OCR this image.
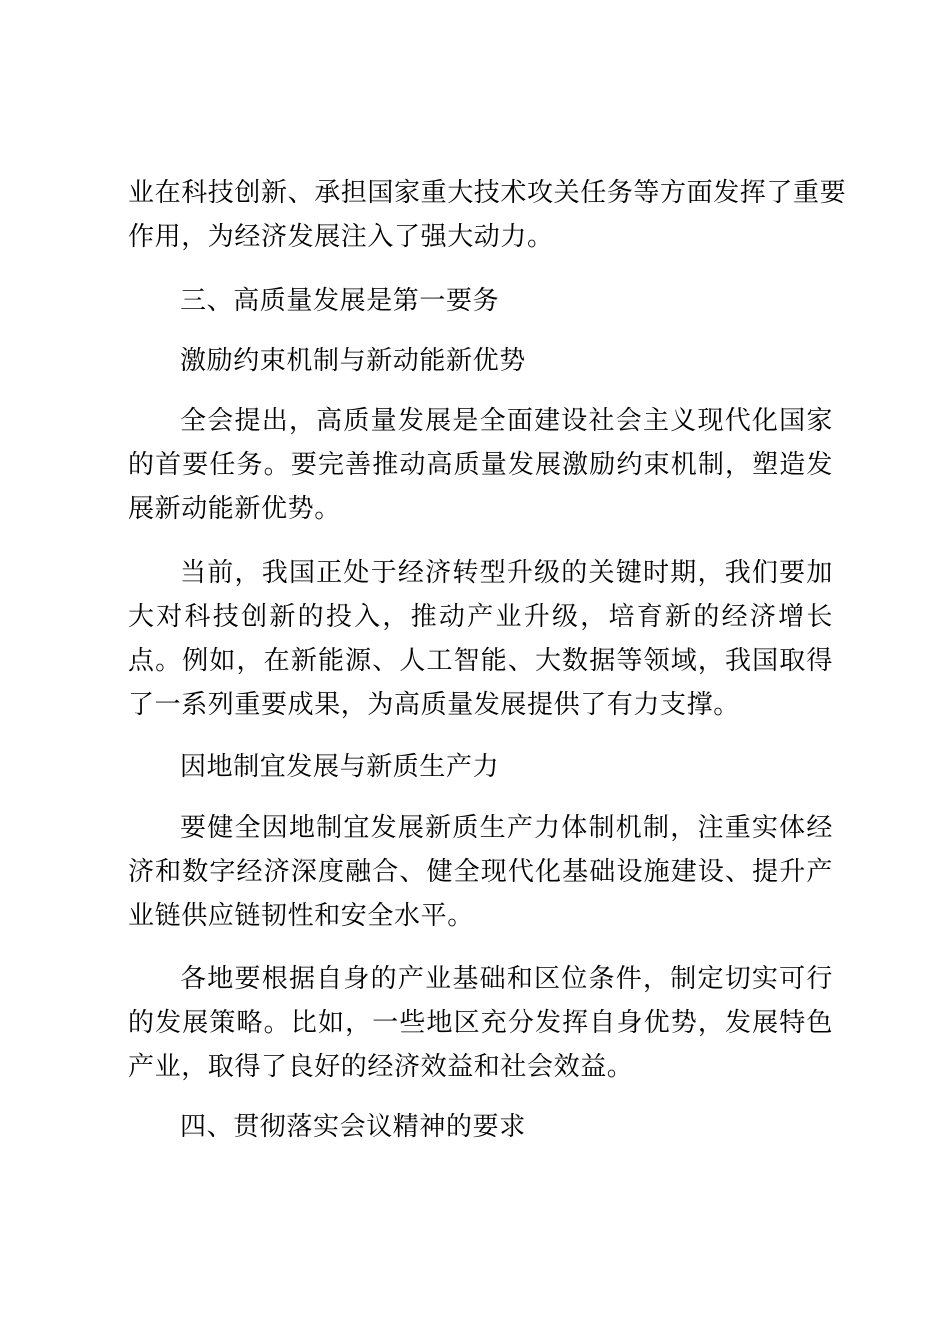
业在科技创新、承担国家重大技术攻关任务等方面发挥了重要
作用，为经济发展注入了强大动力。

三、高质量发展是第一要务

激励约束机制与新动能新优势

全会提出，高质量发展是全面建设社会主义现代化国家的首要任务。要完善推动高质量发展激励约束机制，塑造发展新动能新优势。

当前，我国正处于经济转型升级的关键时期，我们要加大对科技创新的投入，推动产业升级，培育新的经济增长点。例如，在新能源、人工智能、大数据等领域，我国取得了一系列重要成果，为高质量发展提供了有力支撑。

因地制宜发展与新质生产力

要健全因地制宜发展新质生产力体制机制，注重实体经济和数字经济深度融合、健全现代化基础设施建设、提升产业链供应链韧性和安全水平。

各地要根据自身的产业基础和区位条件，制定切实可行的发展策略。比如，一些地区充分发挥自身优势，发展特色产业，取得了良好的经济效益和社会效益。

四、贯彻落实会议精神的要求
